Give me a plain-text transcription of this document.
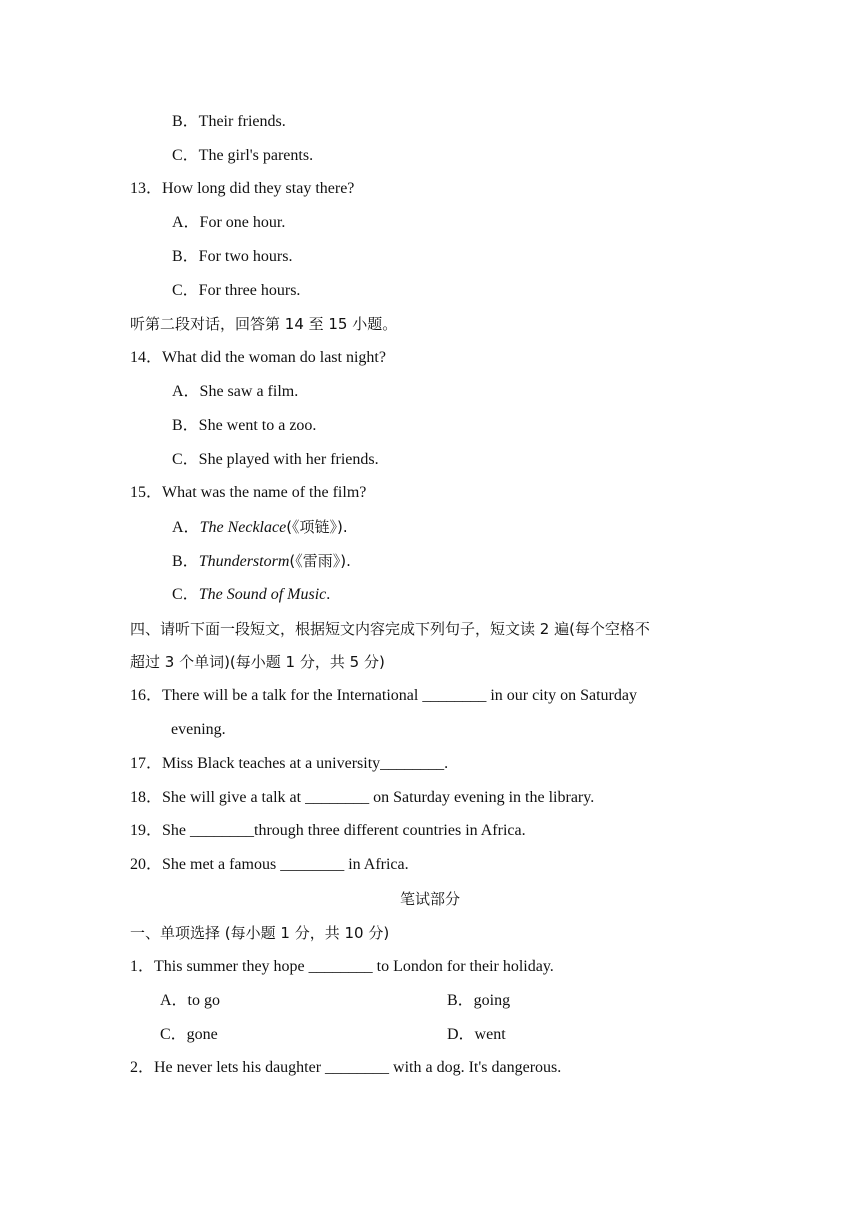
B．Their friends.
C．The girl's parents.
13．How long did they stay there?
A．For one hour.
B．For two hours.
C．For three hours.
听第二段对话，回答第 14 至 15 小题。
14．What did the woman do last night?
A．She saw a film.
B．She went to a zoo.
C．She played with her friends.
15．What was the name of the film?
A．The Necklace(《项链》).
B．Thunderstorm(《雷雨》).
C．The Sound of Music.
四、请听下面一段短文，根据短文内容完成下列句子，短文读 2 遍(每个空格不
超过 3 个单词)(每小题 1 分，共 5 分)
16．There will be a talk for the International ________ in our city on Saturday
evening.
17．Miss Black teaches at a university________.
18．She will give a talk at ________ on Saturday evening in the library.
19．She ________through three different countries in Africa.
20．She met a famous ________ in Africa.
笔试部分
一、单项选择 (每小题 1 分，共 10 分)
1．This summer they hope ________ to London for their holiday.
A．to go	B．going
C．gone	D．went
2．He never lets his daughter ________ with a dog. It's dangerous.
